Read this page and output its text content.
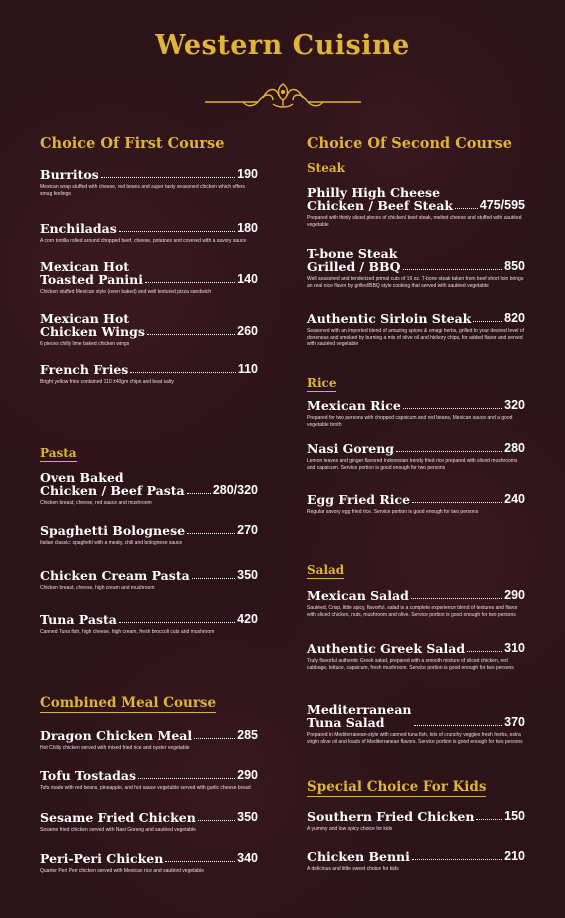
Western Cuisine
Choice Of First Course
Burritos	190
Mexican wrap stuffed with cheese, red beans and super tasty seasoned chicken which offers smug feelings
Enchiladas	180
A corn tortilla rolled around chopped beef, cheese, potatoes and covered with a savory sauce
Mexican Hot
Toasted Panini	140
Chicken stuffed Mexican style (oven baked) and well textured pizza sandwich
Mexican Hot
Chicken Wings	260
6 pieces chilly lime baked chicken wings
French Fries	110
Bright yellow fries contained 110 ±40gm chips and beat salty
Pasta
Oven Baked
Chicken / Beef Pasta 280/320
Chicken breast, cheese, red sauce and mushroom
Spaghetti Bolognese	270
Italian classic: spaghetti with a meaty, chili and bolognese sauce
Chicken Cream Pasta	350
Chicken breast, cheese, high cream and mushroom
Tuna Pasta	420
Canned Tuna fish, high cheese, high cream, fresh broccoli cuts and mushroom
Combined Meal Course
Dragon Chicken Meal	285
Hot Chilly chicken served with mixed fried rice and oyster vegetable
Tofu Tostadas	290
Tofu made with red beans, pineapple, and hot sauce vegetable served with garlic cheese bread
Sesame Fried Chicken	350
Sesame fried chicken served with Nasi Goreng and sautéed vegetable
Peri-Peri Chicken	340
Quarter Peri Peri chicken served with Mexican rice and sautéed vegetable
Choice Of Second Course
Steak
Philly High Cheese
Chicken / Beef Steak 475/595
Prepared with thinly sliced pieces of chicken/ beef steak, melted cheese and stuffed with sautéed vegetable
T-bone Steak
Grilled / BBQ	850
Well seasoned and tenderized primal cuts of 16 oz. T-bone steak taken from beef short loin brings an real nice flavor by grilled/BBQ style cooking that served with sautéed vegetable
Authentic Sirloin Steak	820
Seasoned with an imported blend of amazing spices & omagi herbs, grilled to your desired level of doneness and smoked by burning a mix of olive oil and hickory chips, for added flavor and served with sautéed vegetable
Rice
Mexican Rice	320
Prepared for two persons with chopped capsicum and red beans, Mexican sauce and a good vegetable broth
Nasi Goreng	280
Lemon leaves and ginger flavored Indonesian trendy fried rice prepared with sliced mushrooms and capsicum. Service portion is good enough for two persons
Egg Fried Rice	240
Regular savory egg fried rice. Service portion is good enough for two persons
Salad
Mexican Salad	290
Sautéed, Crisp, little spicy, flavorful, salad is a complete experience blend of textures and flavor with sliced chicken, nuts, mushroom and olive. Service portion is good enough for two persons
Authentic Greek Salad	310
Truly flavorful authentic Greek salad, prepared with a smooth mixture of sliced chicken, red cabbage, lettuce, capsicum, fresh mushroom. Service portion is good enough for two persons
Mediterranean
Tuna Salad	370
Prepared in Mediterranean-style with canned tuna fish, lots of crunchy veggies fresh herbs, extra virgin olive oil and loads of Mediterranean flavors. Service portion is good enough for two persons
Special Choice For Kids
Southern Fried Chicken 150
A yummy and low spicy choice for kids
Chicken Benni	210
A delicious and little sweet choice for kids
